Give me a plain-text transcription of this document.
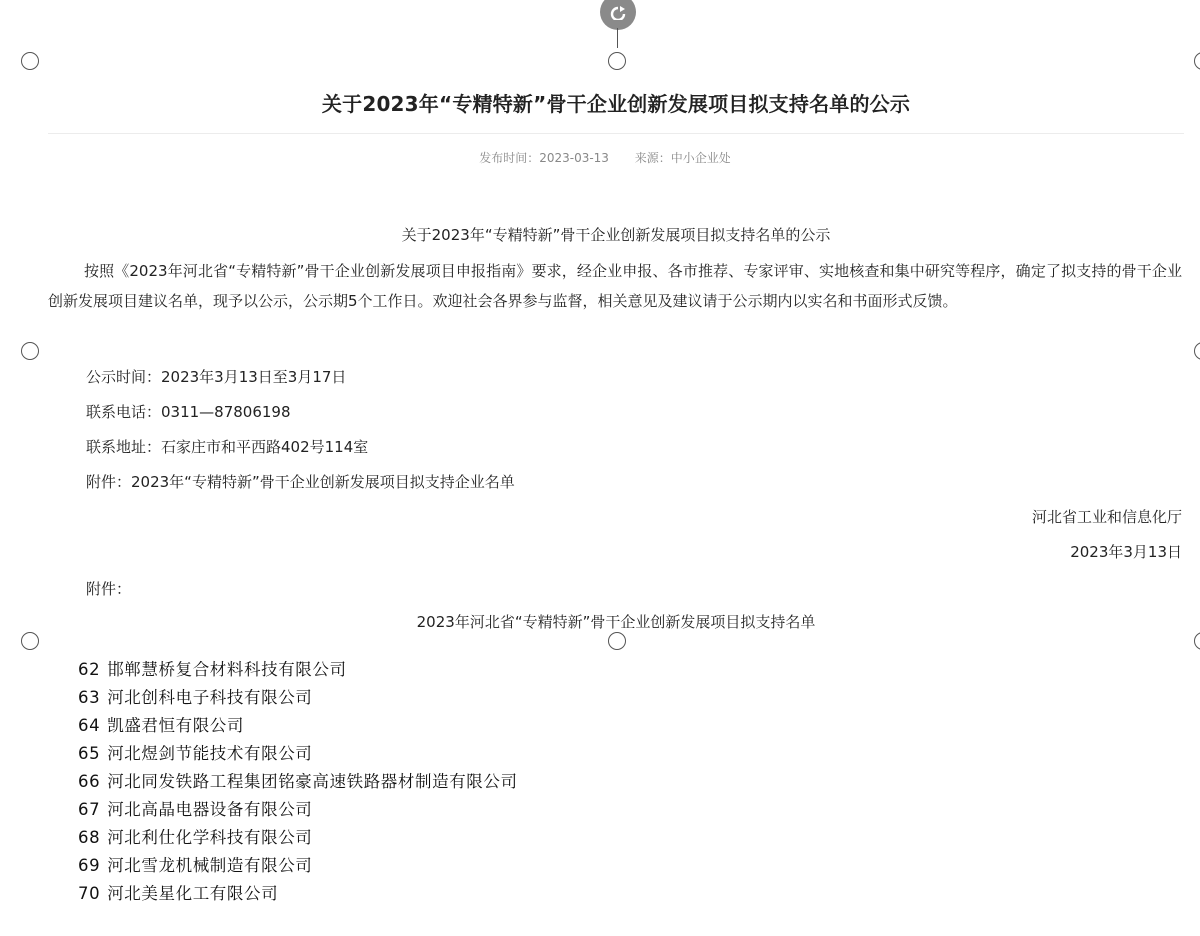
关于2023年“专精特新”骨干企业创新发展项目拟支持名单的公示
发布时间：2023-03-13 来源：中小企业处
关于2023年“专精特新”骨干企业创新发展项目拟支持名单的公示
按照《2023年河北省“专精特新”骨干企业创新发展项目申报指南》要求，经企业申报、各市推荐、专家评审、实地核查和集中研究等程序，确定了拟支持的骨干企业创新发展项目建议名单，现予以公示，公示期5个工作日。欢迎社会各界参与监督，相关意见及建议请于公示期内以实名和书面形式反馈。
公示时间：2023年3月13日至3月17日
联系电话：0311—87806198
联系地址：石家庄市和平西路402号114室
附件：2023年“专精特新”骨干企业创新发展项目拟支持企业名单
河北省工业和信息化厅
2023年3月13日
附件：
2023年河北省“专精特新”骨干企业创新发展项目拟支持名单
62 邯郸慧桥复合材料科技有限公司
63 河北创科电子科技有限公司
64 凯盛君恒有限公司
65 河北煜剑节能技术有限公司
66 河北同发铁路工程集团铭豪高速铁路器材制造有限公司
67 河北高晶电器设备有限公司
68 河北利仕化学科技有限公司
69 河北雪龙机械制造有限公司
70 河北美星化工有限公司
